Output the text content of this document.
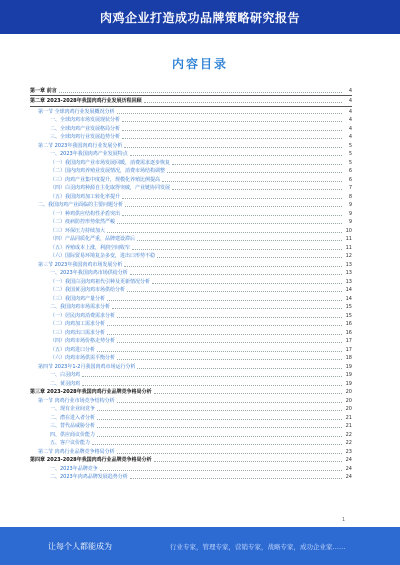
肉鸡企业打造成功品牌策略研究报告
内容目录
第一章 前言	4
第二章 2023-2028年我国肉鸡行业发展历程回顾	4
第一节 全球肉鸡行业发展概况分析	4
一、全球肉鸡市场发展现状分析	4
二、全球肉鸡产业发展格局分析	4
三、全球肉鸡行业发展趋势分析	4
第二节 2023年我国肉鸡行业发展分析	5
一、2023年我国肉鸡产业发展特点	5
（一）我国肉鸡产业市场发展回暖，消费需求逐步恢复	5
（二）国内肉鸡养殖业发展情况，消费市场结构调整	6
（三）肉鸡产业集中度提升，规模化养殖比例提高	6
（四）白羽肉鸡种源自主化取得突破，产业链协同发展	7
（五）我国肉鸡加工转化率提升	8
二、我国肉鸡产业面临的主要问题分析	9
（一）种鸡供应结构性矛盾突出	9
（二）疫病防控形势依然严峻	9
（三）环保压力持续加大	10
（四）产品同质化严重，品牌建设滞后	11
（五）养殖成本上涨，利润空间收窄	11
（六）国际贸易环境复杂多变，进出口形势不稳	12
第三节 2023年我国肉鸡市场发展分析	13
一、2023年我国肉鸡市场供给分析	13
（一）我国白羽肉鸡祖代引种及更新情况分析	13
（二）我国黄羽肉鸡市场供给分析	14
（三）我国肉鸡产量分析	14
二、我国肉鸡市场需求分析	15
（一）居民肉鸡消费需求分析	15
（二）肉鸡加工需求分析	16
（三）肉鸡出口需求分析	16
（四）肉鸡市场价格走势分析	17
（五）肉鸡进口分析	17
（六）肉鸡市场供需平衡分析	18
第四节 2023年1-2月我国肉鸡市场运行分析	19
一、白羽肉鸡	19
二、黄羽肉鸡	19
第三章 2023-2028年我国肉鸡行业品牌竞争格局分析	20
第一节 肉鸡行业市场竞争结构分析	20
一、现有企业间竞争	20
二、潜在进入者分析	21
三、替代品威胁分析	21
四、供应商议价能力	22
五、客户议价能力	22
第二节 肉鸡行业品牌竞争格局分析	23
第四章 2023-2028年我国肉鸡行业品牌竞争格局分析	24
一、2023年品牌竞争	24
二、2023年肉鸡品牌发展趋势分析	24
1
让每个人都能成为	行业专家，管理专家，营销专家，战略专家，成功企业家……
